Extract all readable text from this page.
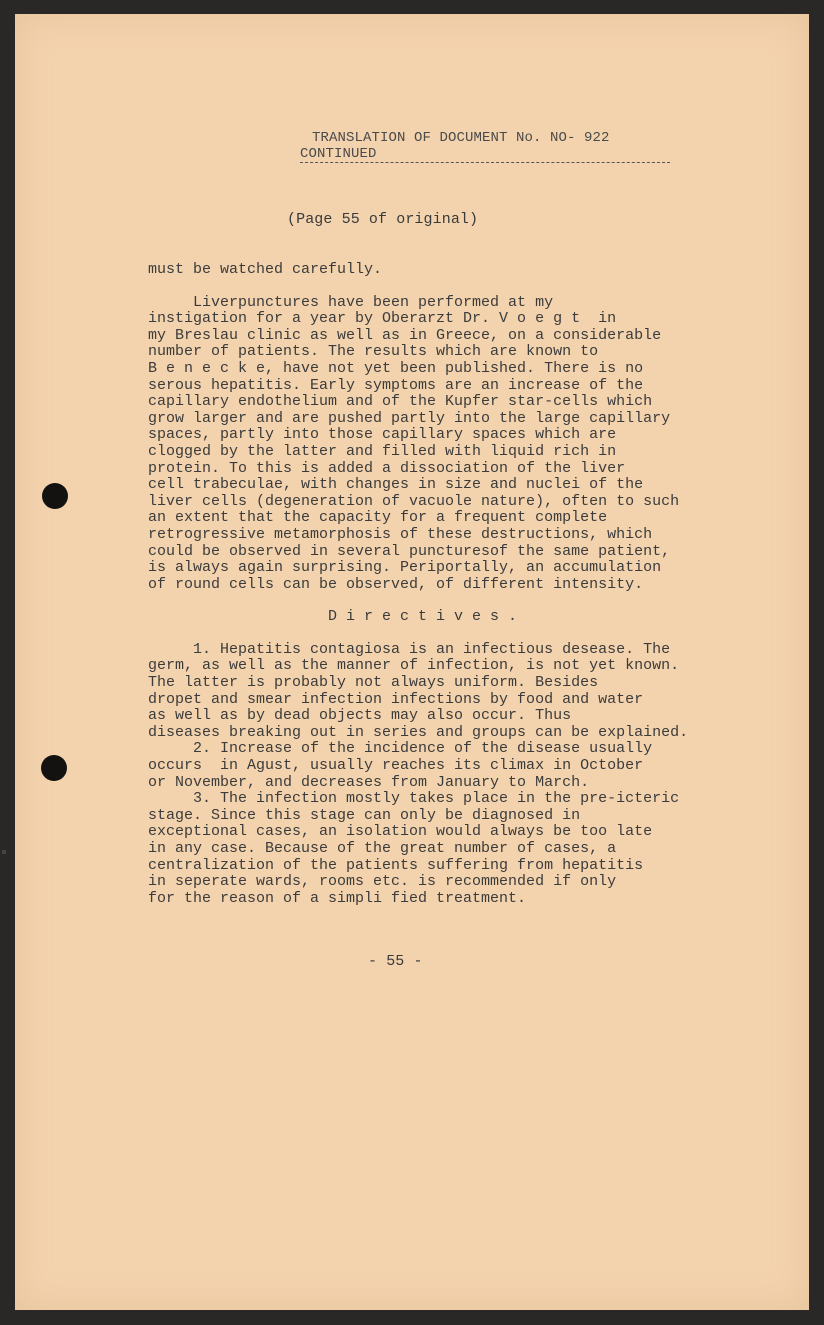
TRANSLATION OF DOCUMENT No. NO- 922
CONTINUED
(Page 55 of original)
must be watched carefully.
Liverpunctures have been performed at my
instigation for a year by Oberarzt Dr. V o e g t  in
my Breslau clinic as well as in Greece, on a considerable
number of patients. The results which are known to
B e n e c k e, have not yet been published. There is no
serous hepatitis. Early symptoms are an increase of the
capillary endothelium and of the Kupfer star-cells which
grow larger and are pushed partly into the large capillary
spaces, partly into those capillary spaces which are
clogged by the latter and filled with liquid rich in
protein. To this is added a dissociation of the liver
cell trabeculae, with changes in size and nuclei of the
liver cells (degeneration of vacuole nature), often to such
an extent that the capacity for a frequent complete
retrogressive metamorphosis of these destructions, which
could be observed in several puncturesof the same patient,
is always again surprising. Periportally, an accumulation
of round cells can be observed, of different intensity.
D i r e c t i v e s .
1. Hepatitis contagiosa is an infectious desease. The
germ, as well as the manner of infection, is not yet known.
The latter is probably not always uniform. Besides
dropet and smear infection infections by food and water
as well as by dead objects may also occur. Thus
diseases breaking out in series and groups can be explained.
2. Increase of the incidence of the disease usually
occurs  in Agust, usually reaches its climax in October
or November, and decreases from January to March.
3. The infection mostly takes place in the pre-icteric
stage. Since this stage can only be diagnosed in
exceptional cases, an isolation would always be too late
in any case. Because of the great number of cases, a
centralization of the patients suffering from hepatitis
in seperate wards, rooms etc. is recommended if only
for the reason of a simpli fied treatment.
- 55 -
